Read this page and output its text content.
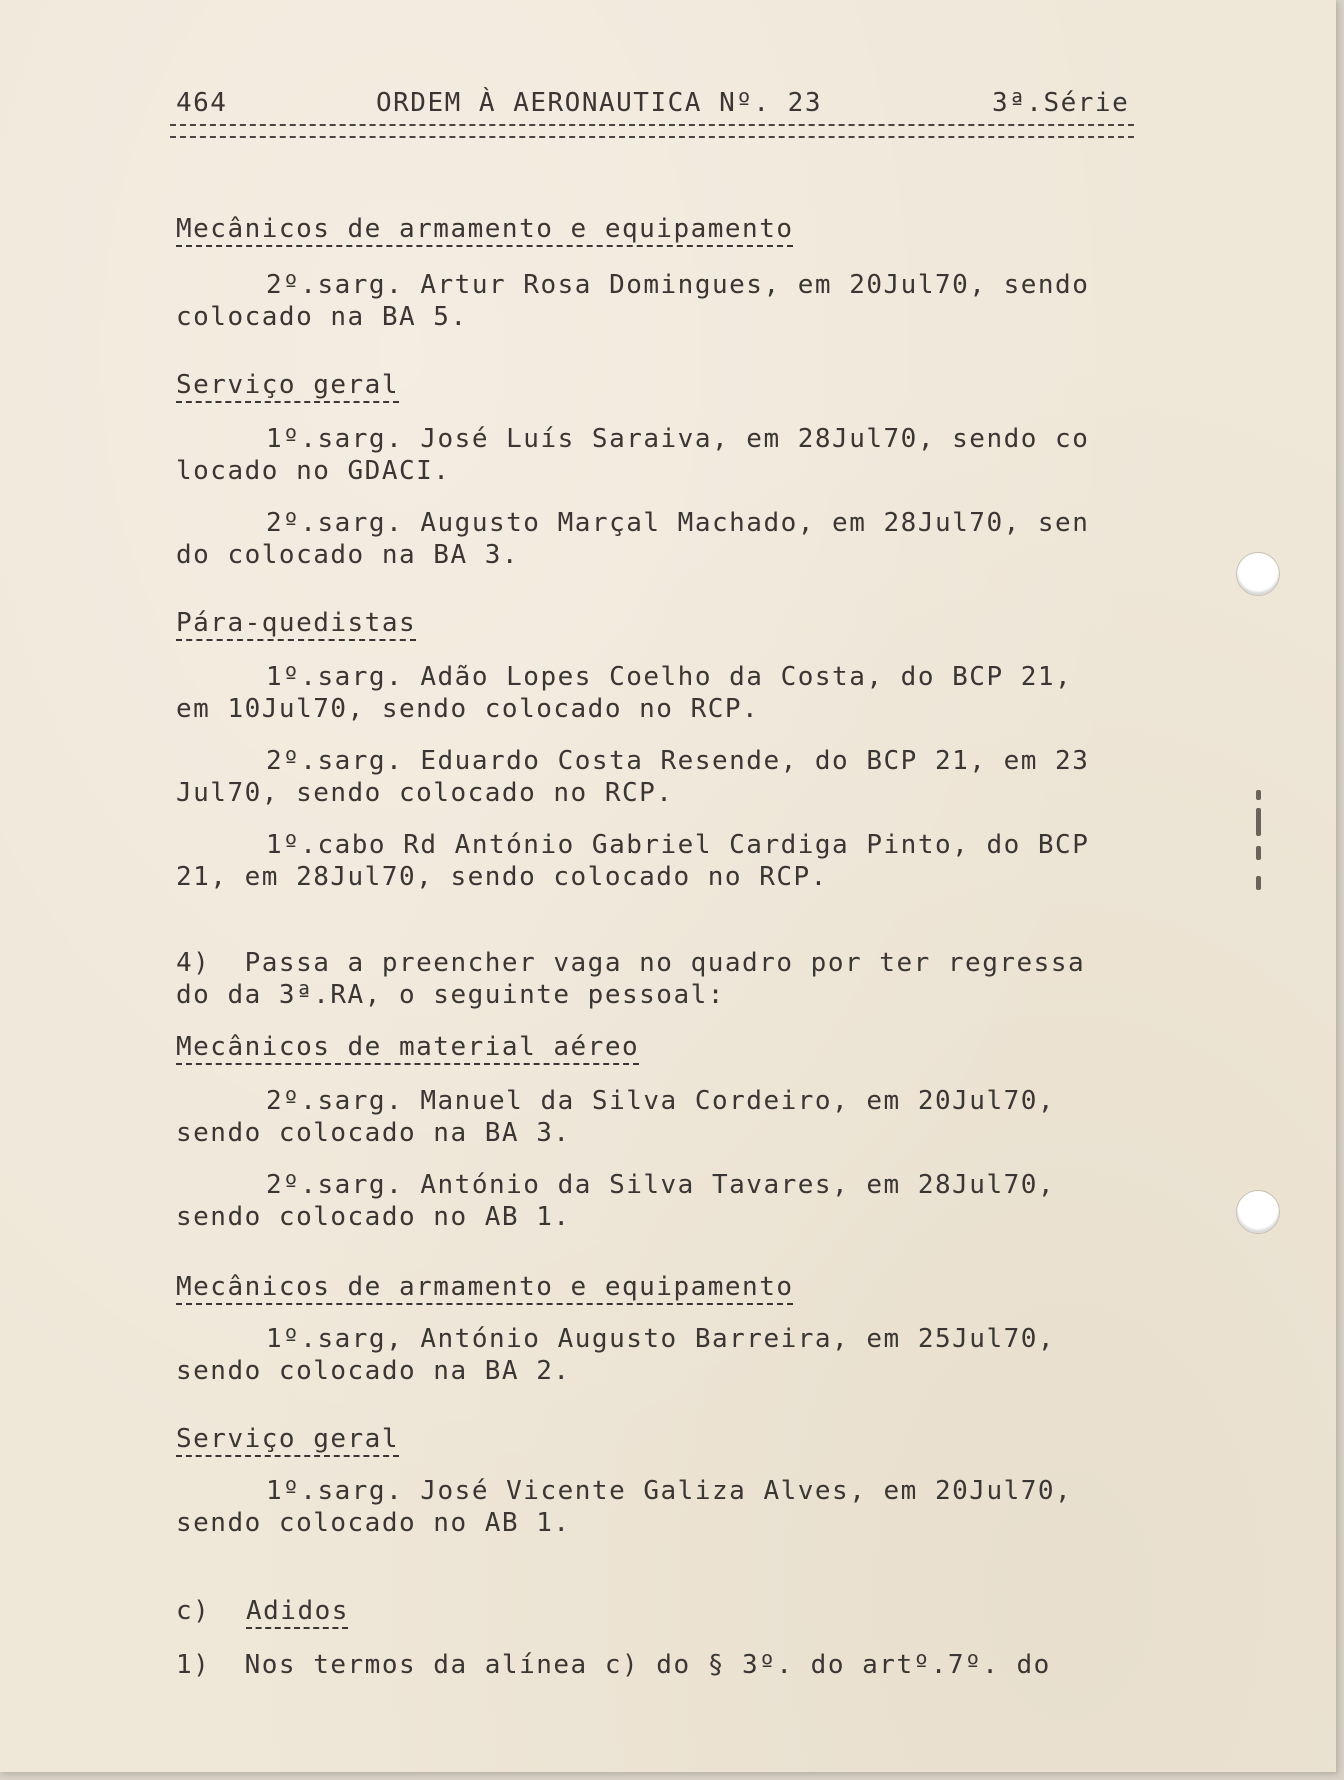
464	ORDEM À AERONAUTICA Nº. 23	3ª.Série
Mecânicos de armamento e equipamento
2º.sarg. Artur Rosa Domingues, em 20Jul70, sendo
colocado na BA 5.
Serviço geral
1º.sarg. José Luís Saraiva, em 28Jul70, sendo co
locado no GDACI.
2º.sarg. Augusto Marçal Machado, em 28Jul70, sen
do colocado na BA 3.
Pára-quedistas
1º.sarg. Adão Lopes Coelho da Costa, do BCP 21,
em 10Jul70, sendo colocado no RCP.
2º.sarg. Eduardo Costa Resende, do BCP 21, em 23
Jul70, sendo colocado no RCP.
1º.cabo Rd António Gabriel Cardiga Pinto, do BCP
21, em 28Jul70, sendo colocado no RCP.
4)  Passa a preencher vaga no quadro por ter regressa
do da 3ª.RA, o seguinte pessoal:
Mecânicos de material aéreo
2º.sarg. Manuel da Silva Cordeiro, em 20Jul70,
sendo colocado na BA 3.
2º.sarg. António da Silva Tavares, em 28Jul70,
sendo colocado no AB 1.
Mecânicos de armamento e equipamento
1º.sarg, António Augusto Barreira, em 25Jul70,
sendo colocado na BA 2.
Serviço geral
1º.sarg. José Vicente Galiza Alves, em 20Jul70,
sendo colocado no AB 1.
c) Adidos
1)  Nos termos da alínea c) do § 3º. do artº.7º. do
